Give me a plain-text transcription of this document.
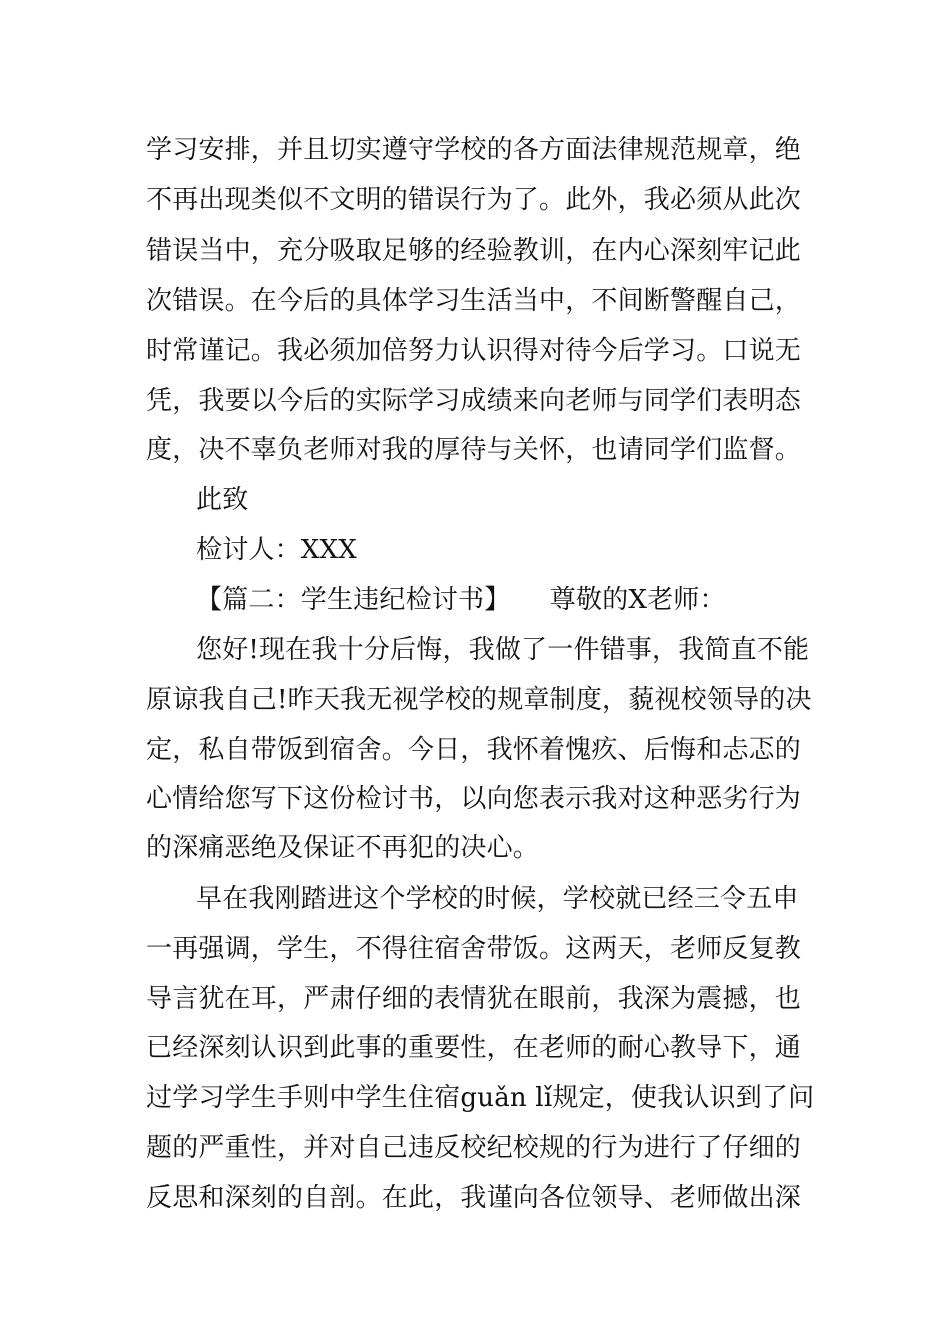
学习安排，并且切实遵守学校的各方面法律规范规章，绝
不再出现类似不文明的错误行为了。此外，我必须从此次
错误当中，充分吸取足够的经验教训，在内心深刻牢记此
次错误。在今后的具体学习生活当中，不间断警醒自己，
时常谨记。我必须加倍努力认识得对待今后学习。口说无
凭，我要以今后的实际学习成绩来向老师与同学们表明态
度，决不辜负老师对我的厚待与关怀，也请同学们监督。
此致
检讨人：XXX
【篇二：学生违纪检讨书】　　尊敬的X老师：
您好!现在我十分后悔，我做了一件错事，我简直不能
原谅我自己!昨天我无视学校的规章制度，藐视校领导的决
定，私自带饭到宿舍。今日，我怀着愧疚、后悔和忐忑的
心情给您写下这份检讨书，以向您表示我对这种恶劣行为
的深痛恶绝及保证不再犯的决心。
早在我刚踏进这个学校的时候，学校就已经三令五申
一再强调，学生，不得往宿舍带饭。这两天，老师反复教
导言犹在耳，严肃仔细的表情犹在眼前，我深为震撼，也
已经深刻认识到此事的重要性，在老师的耐心教导下，通
过学习学生手则中学生住宿guǎn lǐ规定，使我认识到了问
题的严重性，并对自己违反校纪校规的行为进行了仔细的
反思和深刻的自剖。在此，我谨向各位领导、老师做出深
